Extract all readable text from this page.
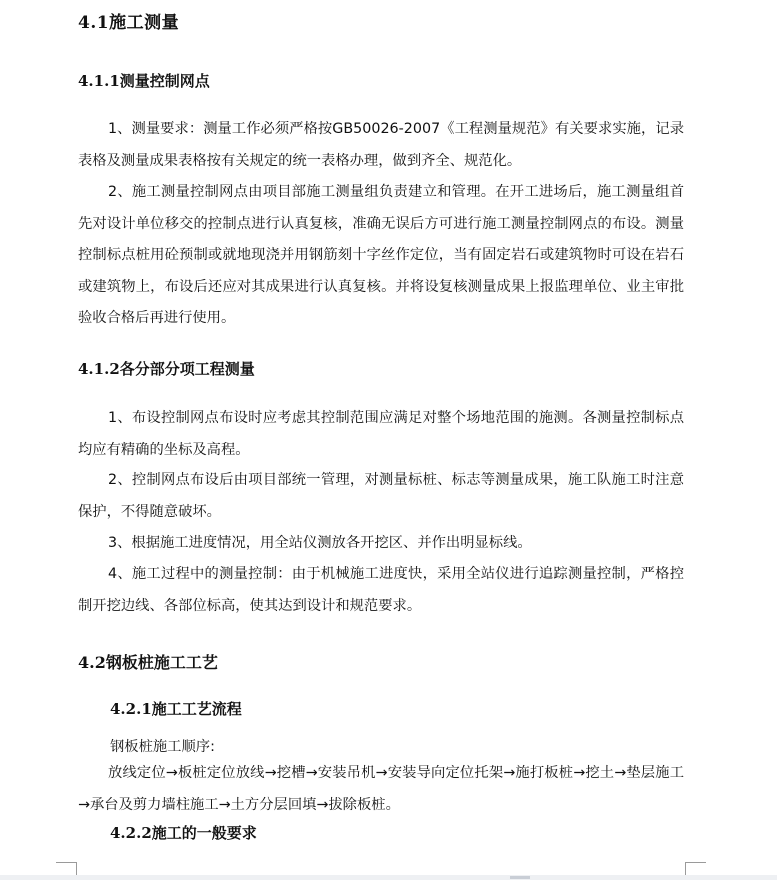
4.1施工测量
4.1.1测量控制网点

1、测量要求：测量工作必须严格按GB50026-2007《工程测量规范》有关要求实施，记录表格及测量成果表格按有关规定的统一表格办理，做到齐全、规范化。

2、施工测量控制网点由项目部施工测量组负责建立和管理。在开工进场后，施工测量组首先对设计单位移交的控制点进行认真复核，准确无误后方可进行施工测量控制网点的布设。测量控制标点桩用砼预制或就地现浇并用钢筋刻十字丝作定位，当有固定岩石或建筑物时可设在岩石或建筑物上，布设后还应对其成果进行认真复核。并将设复核测量成果上报监理单位、业主审批验收合格后再进行使用。

4.1.2各分部分项工程测量

1、布设控制网点布设时应考虑其控制范围应满足对整个场地范围的施测。各测量控制标点均应有精确的坐标及高程。

2、控制网点布设后由项目部统一管理，对测量标桩、标志等测量成果，施工队施工时注意保护，不得随意破坏。

3、根据施工进度情况，用全站仪测放各开挖区、并作出明显标线。

4、施工过程中的测量控制：由于机械施工进度快，采用全站仪进行追踪测量控制，严格控制开挖边线、各部位标高，使其达到设计和规范要求。

4.2钢板桩施工工艺
4.2.1施工工艺流程

钢板桩施工顺序:

放线定位→板桩定位放线→挖槽→安装吊机→安装导向定位托架→施打板桩→挖土→垫层施工→承台及剪力墙柱施工→土方分层回填→拔除板桩。

4.2.2施工的一般要求
